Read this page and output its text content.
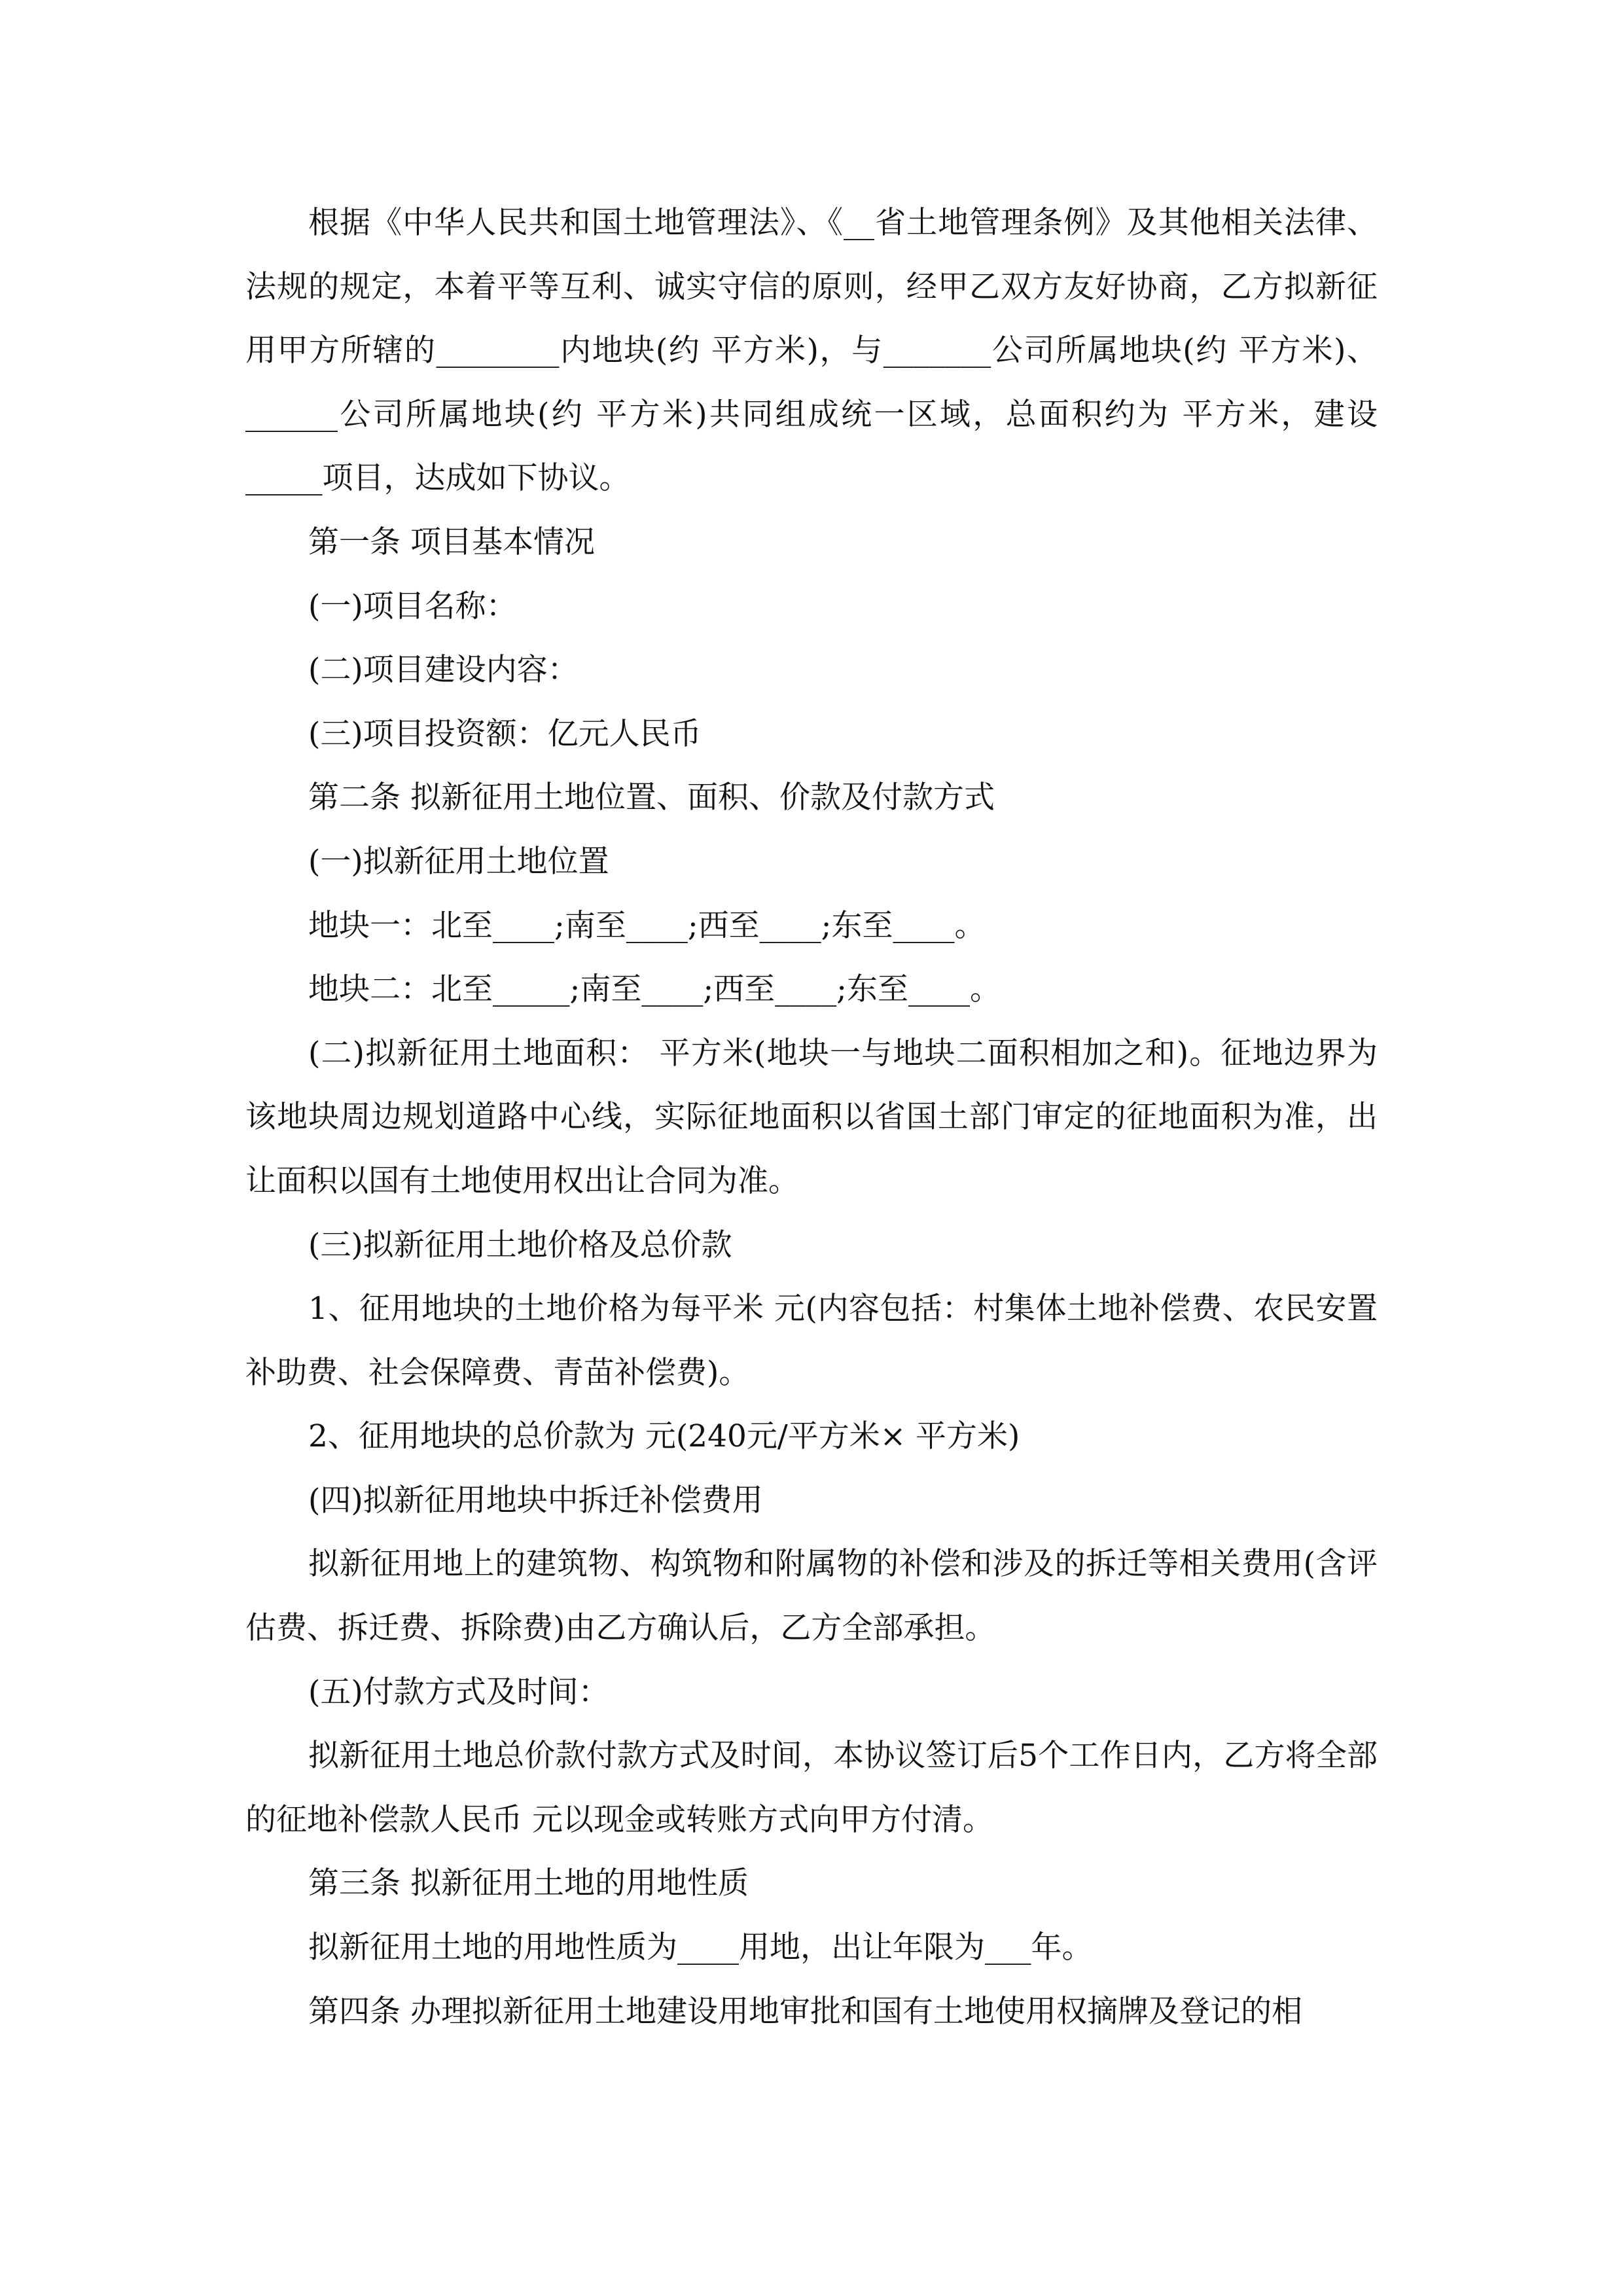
根据《中华人民共和国土地管理法》、《__省土地管理条例》及其他相关法律、法规的规定，本着平等互利、诚实守信的原则，经甲乙双方友好协商，乙方拟新征用甲方所辖的________内地块(约 平方米)，与_______公司所属地块(约 平方米)、______公司所属地块(约 平方米)共同组成统一区域，总面积约为 平方米，建设_____项目，达成如下协议。

第一条 项目基本情况

(一)项目名称：

(二)项目建设内容：

(三)项目投资额：亿元人民币

第二条 拟新征用土地位置、面积、价款及付款方式

(一)拟新征用土地位置

地块一：北至____;南至____;西至____;东至____。

地块二：北至_____;南至____;西至____;东至____。

(二)拟新征用土地面积： 平方米(地块一与地块二面积相加之和)。征地边界为该地块周边规划道路中心线，实际征地面积以省国土部门审定的征地面积为准，出让面积以国有土地使用权出让合同为准。

(三)拟新征用土地价格及总价款

1、征用地块的土地价格为每平米 元(内容包括：村集体土地补偿费、农民安置补助费、社会保障费、青苗补偿费)。

2、征用地块的总价款为 元(240元/平方米× 平方米)

(四)拟新征用地块中拆迁补偿费用

拟新征用地上的建筑物、构筑物和附属物的补偿和涉及的拆迁等相关费用(含评估费、拆迁费、拆除费)由乙方确认后，乙方全部承担。

(五)付款方式及时间：

拟新征用土地总价款付款方式及时间，本协议签订后5个工作日内，乙方将全部的征地补偿款人民币 元以现金或转账方式向甲方付清。

第三条 拟新征用土地的用地性质

拟新征用土地的用地性质为____用地，出让年限为___年。

第四条 办理拟新征用土地建设用地审批和国有土地使用权摘牌及登记的相
